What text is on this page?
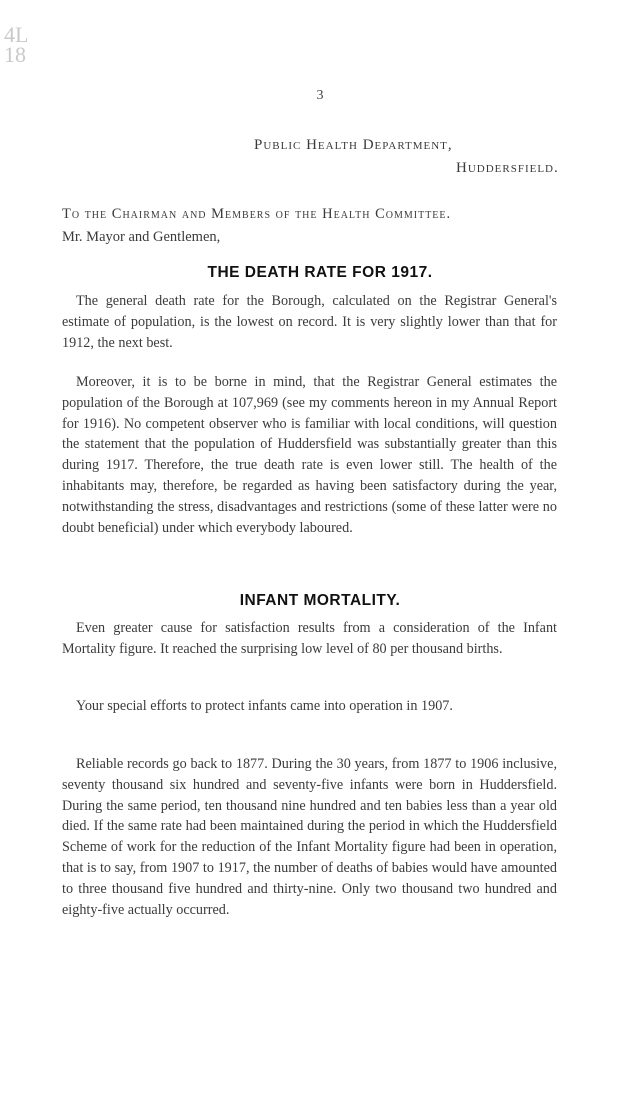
4L
18
3
Public Health Department,
Huddersfield.
To the Chairman and Members of the Health Committee.
Mr. Mayor and Gentlemen,
THE DEATH RATE FOR 1917.

The general death rate for the Borough, calculated on the Registrar General's estimate of population, is the lowest on record. It is very slightly lower than that for 1912, the next best.

Moreover, it is to be borne in mind, that the Registrar General estimates the population of the Borough at 107,969 (see my comments hereon in my Annual Report for 1916). No competent observer who is familiar with local conditions, will question the statement that the population of Huddersfield was substantially greater than this during 1917. Therefore, the true death rate is even lower still. The health of the inhabitants may, therefore, be regarded as having been satisfactory during the year, notwithstanding the stress, disadvantages and restrictions (some of these latter were no doubt beneficial) under which everybody laboured.

INFANT MORTALITY.

Even greater cause for satisfaction results from a consideration of the Infant Mortality figure. It reached the surprising low level of 80 per thousand births.

Your special efforts to protect infants came into operation in 1907.

Reliable records go back to 1877. During the 30 years, from 1877 to 1906 inclusive, seventy thousand six hundred and seventy-five infants were born in Huddersfield. During the same period, ten thousand nine hundred and ten babies less than a year old died. If the same rate had been maintained during the period in which the Huddersfield Scheme of work for the reduction of the Infant Mortality figure had been in operation, that is to say, from 1907 to 1917, the number of deaths of babies would have amounted to three thousand five hundred and thirty-nine. Only two thousand two hundred and eighty-five actually occurred.
